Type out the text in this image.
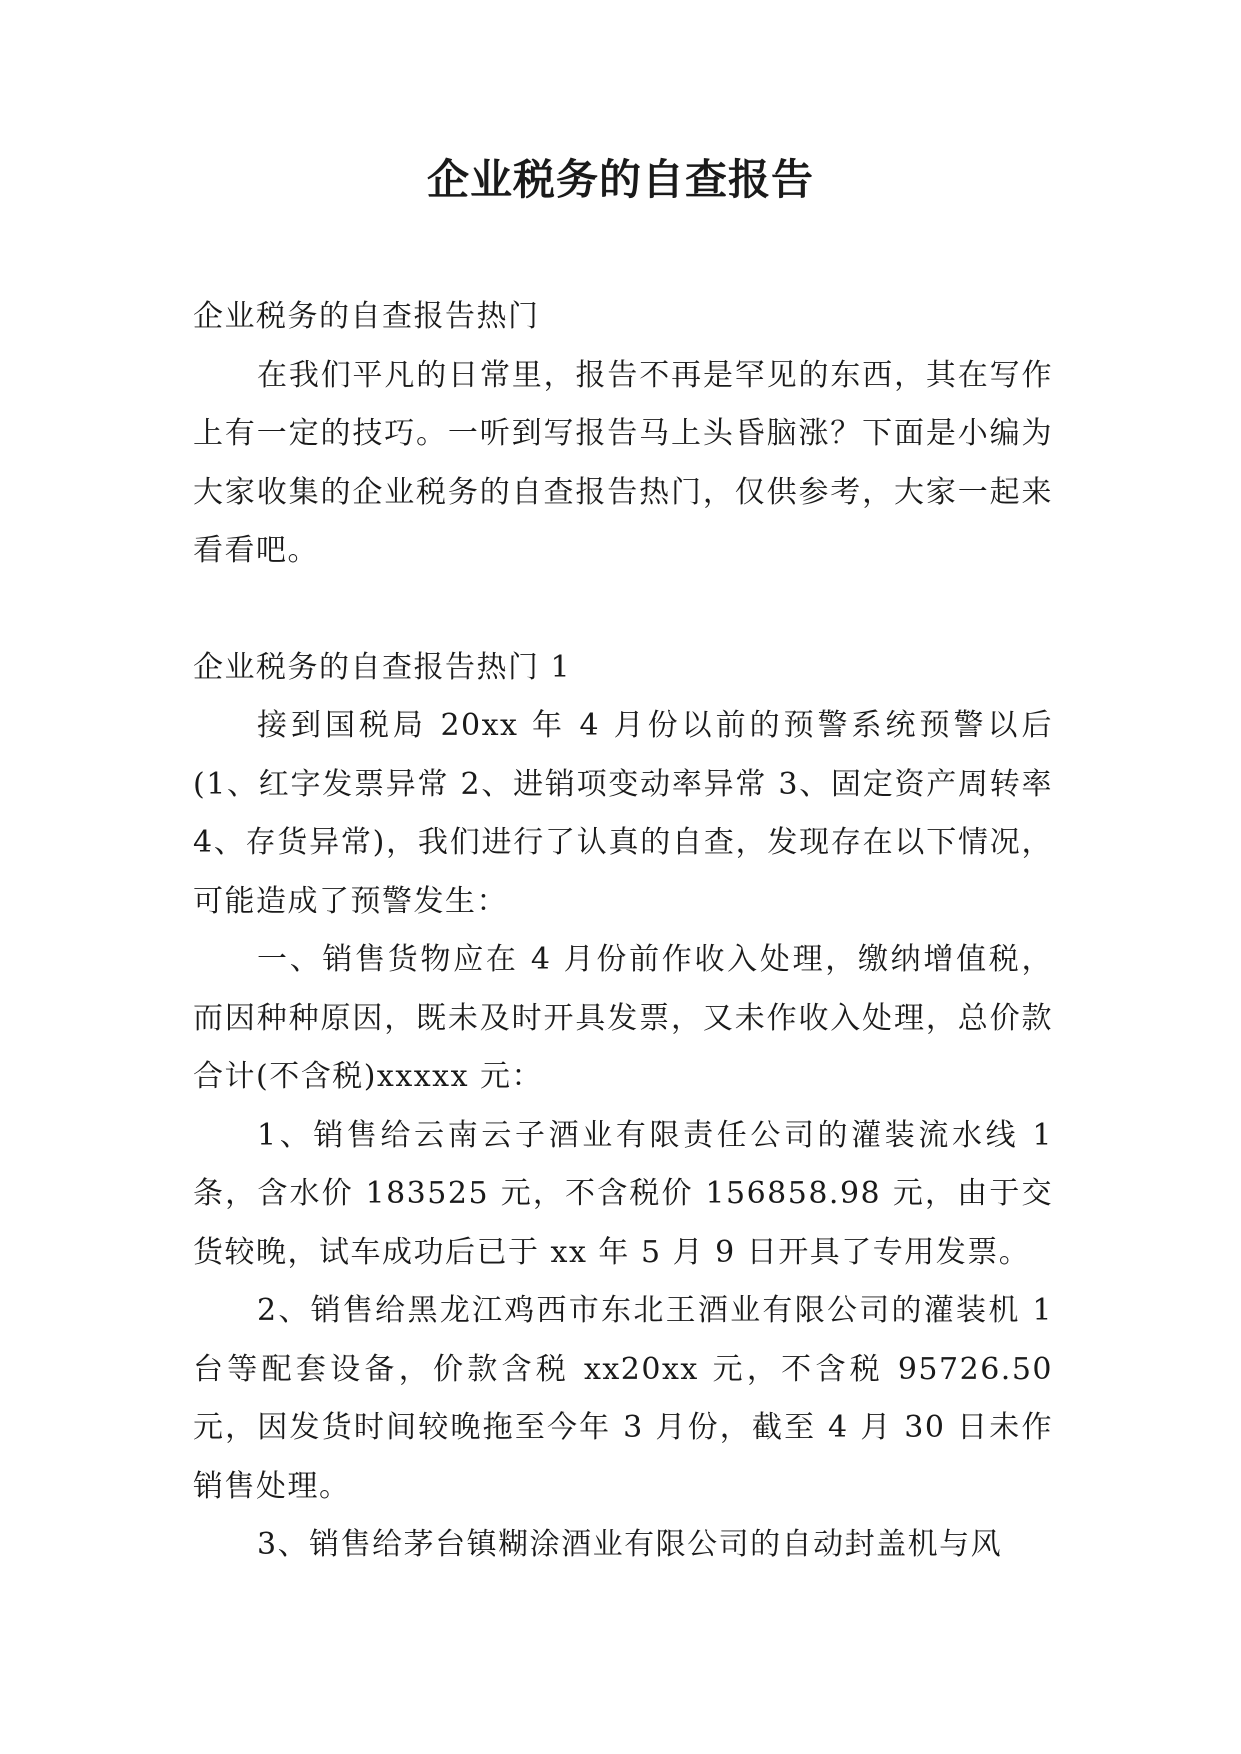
企业税务的自查报告

企业税务的自查报告热门

在我们平凡的日常里，报告不再是罕见的东西，其在写作上有一定的技巧。一听到写报告马上头昏脑涨？下面是小编为大家收集的企业税务的自查报告热门，仅供参考，大家一起来看看吧。

企业税务的自查报告热门 1

接到国税局 20xx 年 4 月份以前的预警系统预警以后(1、红字发票异常 2、进销项变动率异常 3、固定资产周转率 4、存货异常)，我们进行了认真的自查，发现存在以下情况，可能造成了预警发生：

一、销售货物应在 4 月份前作收入处理，缴纳增值税，而因种种原因，既未及时开具发票，又未作收入处理，总价款合计(不含税)xxxxx 元：

1、销售给云南云子酒业有限责任公司的灌装流水线 1 条，含水价 183525 元，不含税价 156858.98 元，由于交货较晚，试车成功后已于 xx 年 5 月 9 日开具了专用发票。

2、销售给黑龙江鸡西市东北王酒业有限公司的灌装机 1 台等配套设备，价款含税 xx20xx 元，不含税 95726.50 元，因发货时间较晚拖至今年 3 月份，截至 4 月 30 日未作销售处理。

3、销售给茅台镇糊涂酒业有限公司的自动封盖机与风
